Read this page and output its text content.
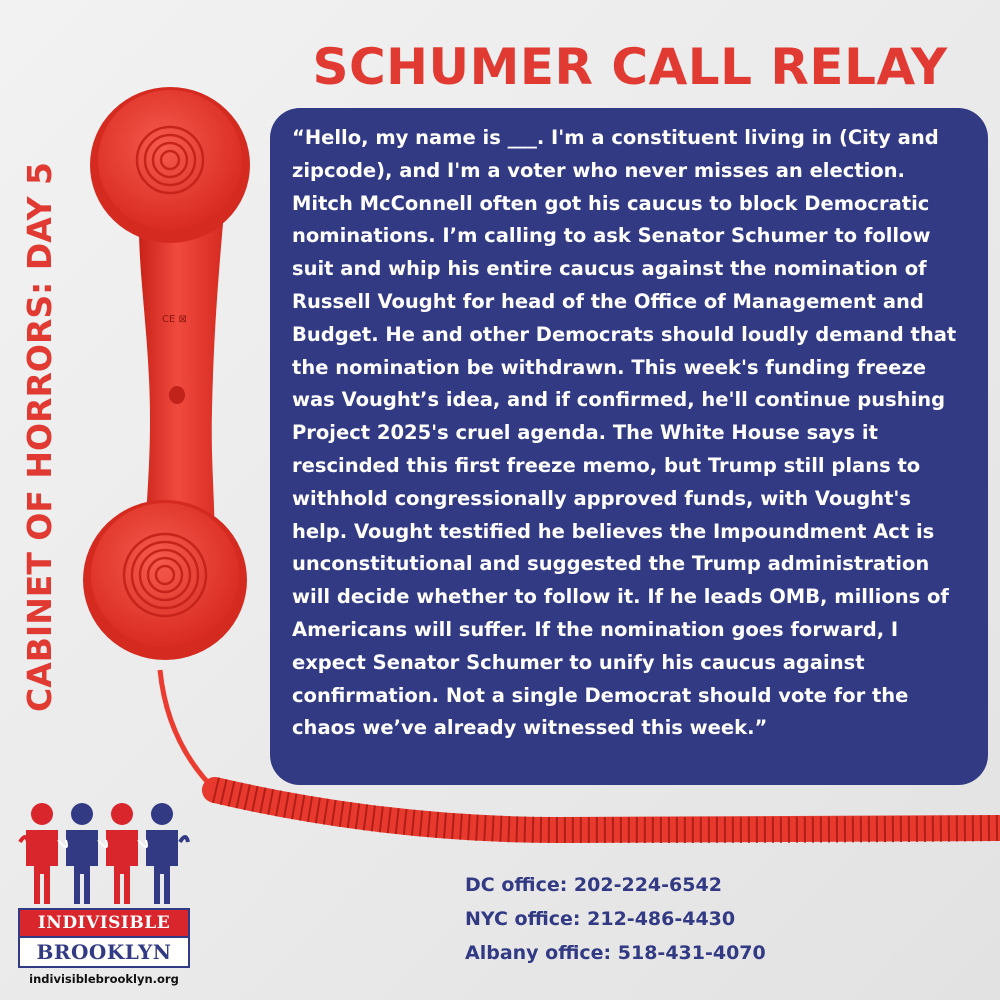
CE ⊠
SCHUMER CALL RELAY
CABINET OF HORRORS: DAY 5

“Hello, my name is ___. I'm a constituent living in (City and zipcode), and I'm a voter who never misses an election. Mitch McConnell often got his caucus to block Democratic nominations. I’m calling to ask Senator Schumer to follow suit and whip his entire caucus against the nomination of Russell Vought for head of the Office of Management and Budget. He and other Democrats should loudly demand that the nomination be withdrawn. This week's funding freeze was Vought’s idea, and if confirmed, he'll continue pushing Project 2025's cruel agenda. The White House says it rescinded this first freeze memo, but Trump still plans to withhold congressionally approved funds, with Vought's help. Vought testified he believes the Impoundment Act is unconstitutional and suggested the Trump administration will decide whether to follow it. If he leads OMB, millions of Americans will suffer. If the nomination goes forward, I expect Senator Schumer to unify his caucus against confirmation. Not a single Democrat should vote for the chaos we’ve already witnessed this week.”

DC office: 202-224-6542
NYC office: 212-486-4430
Albany office: 518-431-4070
INDIVISIBLE
BROOKLYN
indivisiblebrooklyn.org
